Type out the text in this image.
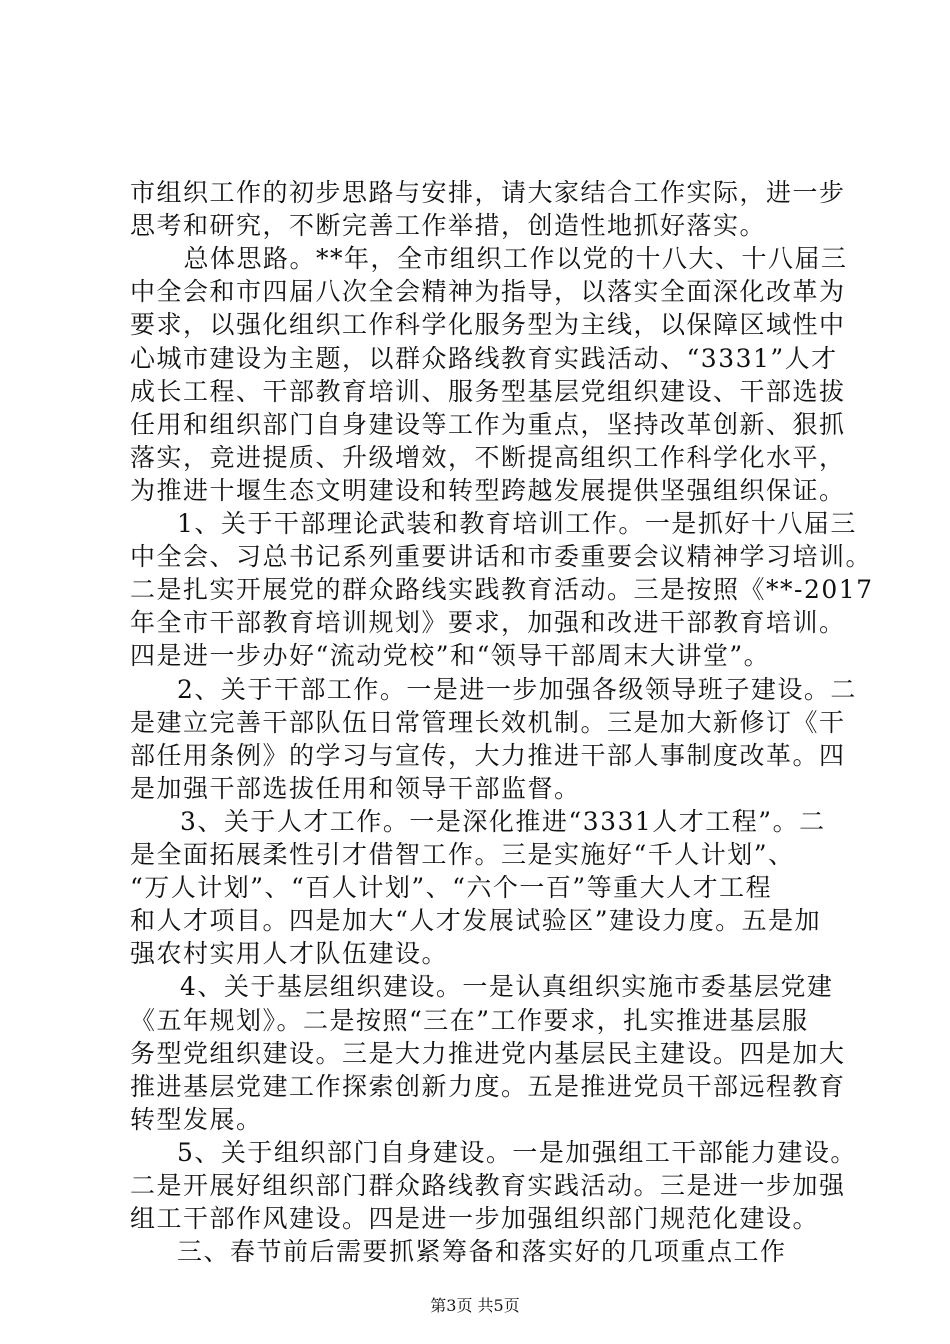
市组织工作的初步思路与安排，请大家结合工作实际，进一步
思考和研究，不断完善工作举措，创造性地抓好落实。
　总体思路。**年，全市组织工作以党的十八大、十八届三
中全会和市四届八次全会精神为指导，以落实全面深化改革为
要求，以强化组织工作科学化服务型为主线，以保障区域性中
心城市建设为主题，以群众路线教育实践活动、“3331”人才
成长工程、干部教育培训、服务型基层党组织建设、干部选拔
任用和组织部门自身建设等工作为重点，坚持改革创新、狠抓
落实，竞进提质、升级增效，不断提高组织工作科学化水平，
为推进十堰生态文明建设和转型跨越发展提供坚强组织保证。
1、关于干部理论武装和教育培训工作。一是抓好十八届三
中全会、习总书记系列重要讲话和市委重要会议精神学习培训。
二是扎实开展党的群众路线实践教育活动。三是按照《**-2017
年全市干部教育培训规划》要求，加强和改进干部教育培训。
四是进一步办好“流动党校”和“领导干部周末大讲堂”。
2、关于干部工作。一是进一步加强各级领导班子建设。二
是建立完善干部队伍日常管理长效机制。三是加大新修订《干
部任用条例》的学习与宣传，大力推进干部人事制度改革。四
是加强干部选拔任用和领导干部监督。
3、关于人才工作。一是深化推进“3331人才工程”。二
是全面拓展柔性引才借智工作。三是实施好“千人计划”、
“万人计划”、“百人计划”、“六个一百”等重大人才工程
和人才项目。四是加大“人才发展试验区”建设力度。五是加
强农村实用人才队伍建设。
4、关于基层组织建设。一是认真组织实施市委基层党建
《五年规划》。二是按照“三在”工作要求，扎实推进基层服
务型党组织建设。三是大力推进党内基层民主建设。四是加大
推进基层党建工作探索创新力度。五是推进党员干部远程教育
转型发展。
5、关于组织部门自身建设。一是加强组工干部能力建设。
二是开展好组织部门群众路线教育实践活动。三是进一步加强
组工干部作风建设。四是进一步加强组织部门规范化建设。
三、春节前后需要抓紧筹备和落实好的几项重点工作
第3页 共5页
